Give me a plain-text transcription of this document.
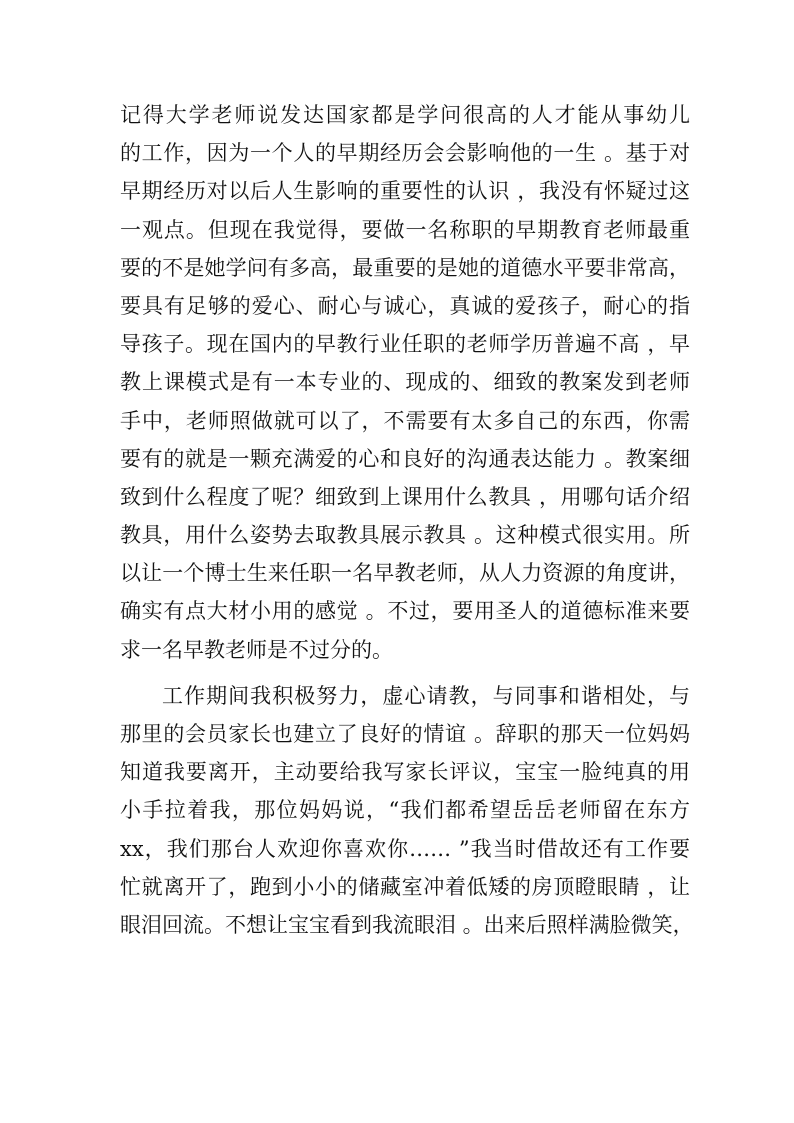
记得大学老师说发达国家都是学问很高的人才能从事幼儿
的工作，因为一个人的早期经历会会影响他的一生 。基于对
早期经历对以后人生影响的重要性的认识 ，我没有怀疑过这
一观点。但现在我觉得，要做一名称职的早期教育老师最重
要的不是她学问有多高，最重要的是她的道德水平要非常高，
要具有足够的爱心、耐心与诚心，真诚的爱孩子，耐心的指
导孩子。现在国内的早教行业任职的老师学历普遍不高 ，早
教上课模式是有一本专业的、现成的、细致的教案发到老师
手中，老师照做就可以了，不需要有太多自己的东西，你需
要有的就是一颗充满爱的心和良好的沟通表达能力 。教案细
致到什么程度了呢？细致到上课用什么教具 ，用哪句话介绍
教具，用什么姿势去取教具展示教具 。这种模式很实用。所
以让一个博士生来任职一名早教老师，从人力资源的角度讲，
确实有点大材小用的感觉 。不过，要用圣人的道德标准来要
求一名早教老师是不过分的。
工作期间我积极努力，虚心请教，与同事和谐相处，与
那里的会员家长也建立了良好的情谊 。辞职的那天一位妈妈
知道我要离开，主动要给我写家长评议，宝宝一脸纯真的用
小手拉着我，那位妈妈说，“我们都希望岳岳老师留在东方
xx，我们那台人欢迎你喜欢你…… ”我当时借故还有工作要
忙就离开了，跑到小小的储藏室冲着低矮的房顶瞪眼睛 ，让
眼泪回流。不想让宝宝看到我流眼泪 。出来后照样满脸微笑，
